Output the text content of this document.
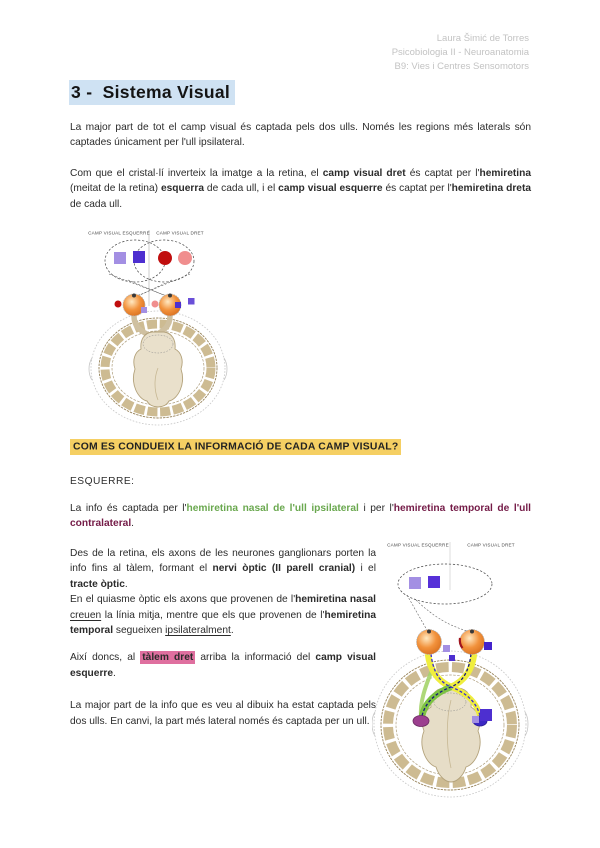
Laura Šimić de Torres
Psicobiologia II - Neuroanatomia
B9: Vies i Centres Sensomotors
3 -  Sistema Visual

La major part de tot el camp visual és captada pels dos ulls. Només les regions més laterals són captades únicament per l'ull ipsilateral.

Com que el cristal·lí inverteix la imatge a la retina, el camp visual dret és captat per l'hemiretina (meitat de la retina) esquerra de cada ull, i el camp visual esquerre és captat per l'hemiretina dreta de cada ull.

CAMP VISUAL ESQUERRE CAMP VISUAL DRET
COM ES CONDUEIX LA INFORMACIÓ DE CADA CAMP VISUAL?
ESQUERRE:

La info és captada per l'hemiretina nasal de l'ull ipsilateral i per l'hemiretina temporal de l'ull contralateral.

Des de la retina, els axons de les neurones ganglionars porten la info fins al tàlem, formant el nervi òptic (II parell cranial) i el tracte òptic.

En el quiasme òptic els axons que provenen de l'hemiretina nasal creuen la línia mitja, mentre que els que provenen de l'hemiretina temporal segueixen ipsilateralment.

Així doncs, al tàlem dret arriba la informació del camp visual esquerre.

La major part de la info que es veu al dibuix ha estat captada pels dos ulls. En canvi, la part més lateral només és captada per un ull.

CAMP VISUAL ESQUERRE	CAMP VISUAL DRET
